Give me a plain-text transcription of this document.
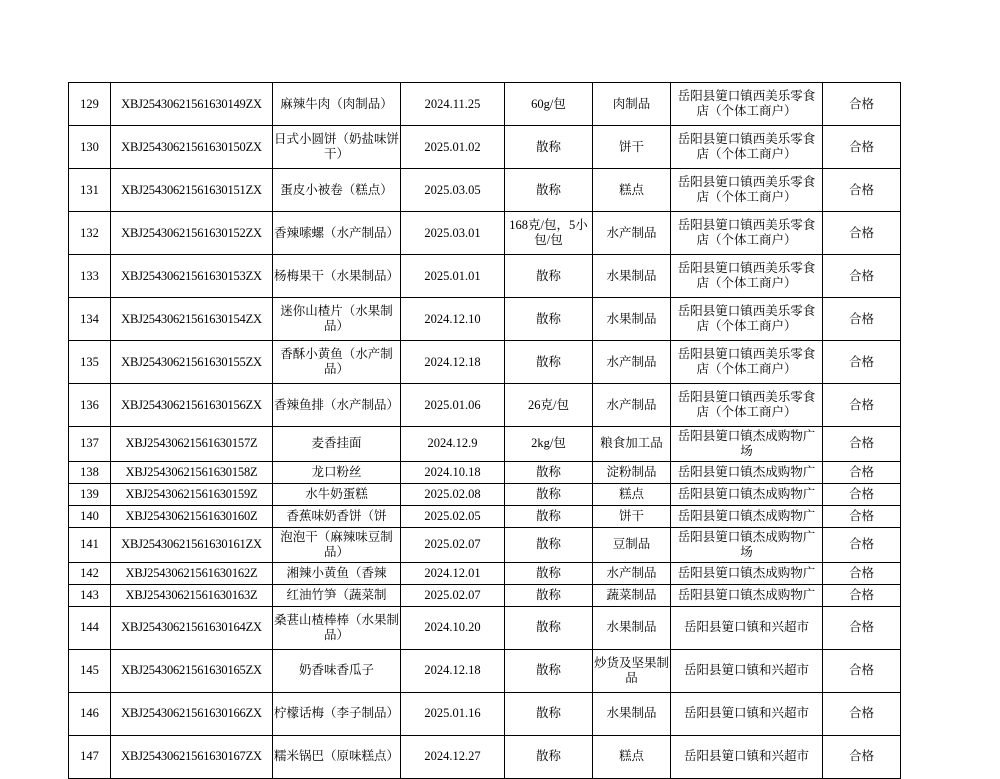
129	XBJ25430621561630149ZX	麻辣牛肉（肉制品）	2024.11.25	60g/包	肉制品	岳阳县筻口镇西美乐零食店（个体工商户）	合格
130	XBJ25430621561630150ZX	日式小圆饼（奶盐味饼干）	2025.01.02	散称	饼干	岳阳县筻口镇西美乐零食店（个体工商户）	合格
131	XBJ25430621561630151ZX	蛋皮小被卷（糕点）	2025.03.05	散称	糕点	岳阳县筻口镇西美乐零食店（个体工商户）	合格
132	XBJ25430621561630152ZX	香辣嗦螺（水产制品）	2025.03.01	168克/包，5小包/包	水产制品	岳阳县筻口镇西美乐零食店（个体工商户）	合格
133	XBJ25430621561630153ZX	杨梅果干（水果制品）	2025.01.01	散称	水果制品	岳阳县筻口镇西美乐零食店（个体工商户）	合格
134	XBJ25430621561630154ZX	迷你山楂片（水果制品）	2024.12.10	散称	水果制品	岳阳县筻口镇西美乐零食店（个体工商户）	合格
135	XBJ25430621561630155ZX	香酥小黄鱼（水产制品）	2024.12.18	散称	水产制品	岳阳县筻口镇西美乐零食店（个体工商户）	合格
136	XBJ25430621561630156ZX	香辣鱼排（水产制品）	2025.01.06	26克/包	水产制品	岳阳县筻口镇西美乐零食店（个体工商户）	合格
137	XBJ25430621561630157Z	麦香挂面	2024.12.9	2kg/包	粮食加工品	岳阳县筻口镇杰成购物广场	合格
138	XBJ25430621561630158Z	龙口粉丝	2024.10.18	散称	淀粉制品	岳阳县筻口镇杰成购物广	合格
139	XBJ25430621561630159Z	水牛奶蛋糕	2025.02.08	散称	糕点	岳阳县筻口镇杰成购物广	合格
140	XBJ25430621561630160Z	香蕉味奶香饼（饼	2025.02.05	散称	饼干	岳阳县筻口镇杰成购物广	合格
141	XBJ25430621561630161ZX	泡泡干（麻辣味豆制品）	2025.02.07	散称	豆制品	岳阳县筻口镇杰成购物广场	合格
142	XBJ25430621561630162Z	湘辣小黄鱼（香辣	2024.12.01	散称	水产制品	岳阳县筻口镇杰成购物广	合格
143	XBJ25430621561630163Z	红油竹笋（蔬菜制	2025.02.07	散称	蔬菜制品	岳阳县筻口镇杰成购物广	合格
144	XBJ25430621561630164ZX	桑葚山楂棒棒（水果制品）	2024.10.20	散称	水果制品	岳阳县筻口镇和兴超市	合格
145	XBJ25430621561630165ZX	奶香味香瓜子	2024.12.18	散称	炒货及坚果制品	岳阳县筻口镇和兴超市	合格
146	XBJ25430621561630166ZX	柠檬话梅（李子制品）	2025.01.16	散称	水果制品	岳阳县筻口镇和兴超市	合格
147	XBJ25430621561630167ZX	糯米锅巴（原味糕点）	2024.12.27	散称	糕点	岳阳县筻口镇和兴超市	合格
